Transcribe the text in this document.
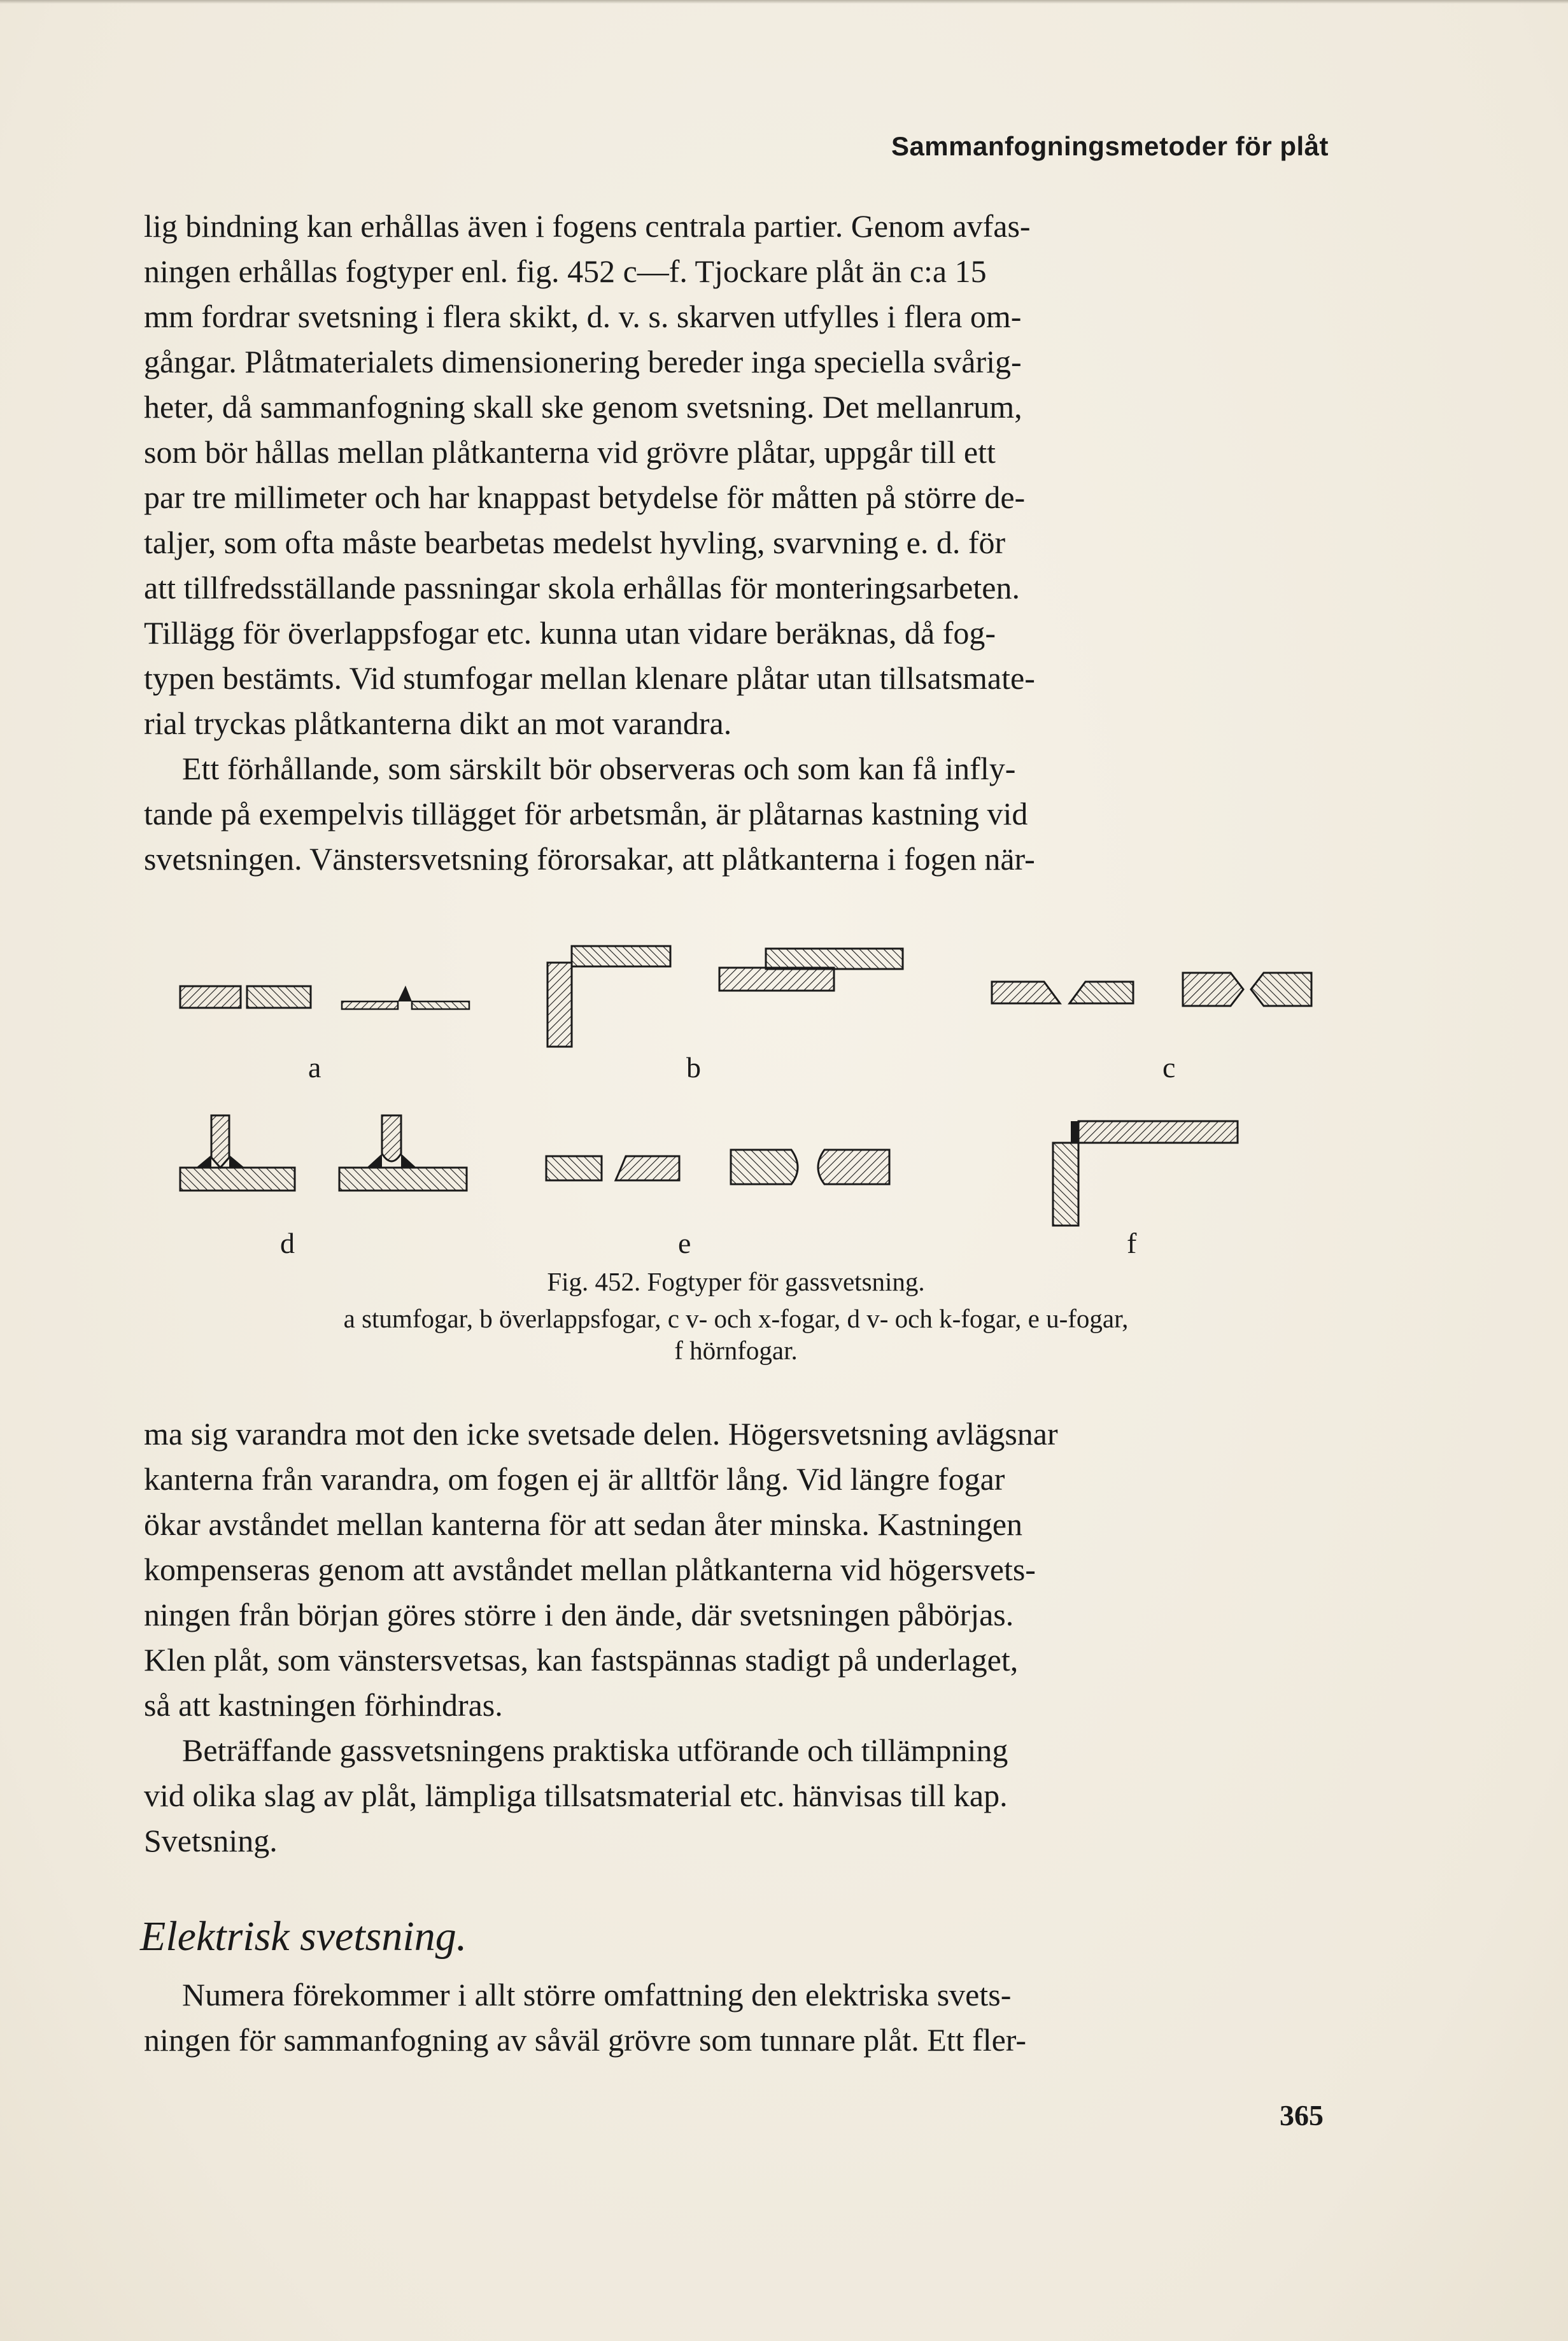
Sammanfogningsmetoder för plåt

lig bindning kan erhållas även i fogens centrala partier. Genom avfas-
ningen erhållas fogtyper enl. fig. 452 c—f. Tjockare plåt än c:a 15
mm fordrar svetsning i flera skikt, d. v. s. skarven utfylles i flera om-
gångar. Plåtmaterialets dimensionering bereder inga speciella svårig-
heter, då sammanfogning skall ske genom svetsning. Det mellanrum,
som bör hållas mellan plåtkanterna vid grövre plåtar, uppgår till ett
par tre millimeter och har knappast betydelse för måtten på större de-
taljer, som ofta måste bearbetas medelst hyvling, svarvning e. d. för
att tillfredsställande passningar skola erhållas för monteringsarbeten.
Tillägg för överlappsfogar etc. kunna utan vidare beräknas, då fog-
typen bestämts. Vid stumfogar mellan klenare plåtar utan tillsatsmate-
rial tryckas plåtkanterna dikt an mot varandra.

Ett förhållande, som särskilt bör observeras och som kan få infly-
tande på exempelvis tillägget för arbetsmån, är plåtarnas kastning vid
svetsningen. Vänstersvetsning förorsakar, att plåtkanterna i fogen när-

a	b	c
d	e	f
Fig. 452. Fogtyper för gassvetsning.
a stumfogar, b överlappsfogar, c v- och x-fogar, d v- och k-fogar, e u-fogar,
f hörnfogar.

ma sig varandra mot den icke svetsade delen. Högersvetsning avlägsnar
kanterna från varandra, om fogen ej är alltför lång. Vid längre fogar
ökar avståndet mellan kanterna för att sedan åter minska. Kastningen
kompenseras genom att avståndet mellan plåtkanterna vid högersvets-
ningen från början göres större i den ände, där svetsningen påbörjas.
Klen plåt, som vänstersvetsas, kan fastspännas stadigt på underlaget,
så att kastningen förhindras.

Beträffande gassvetsningens praktiska utförande och tillämpning
vid olika slag av plåt, lämpliga tillsatsmaterial etc. hänvisas till kap.
Svetsning.

Elektrisk svetsning.

Numera förekommer i allt större omfattning den elektriska svets-
ningen för sammanfogning av såväl grövre som tunnare plåt. Ett fler-

365
